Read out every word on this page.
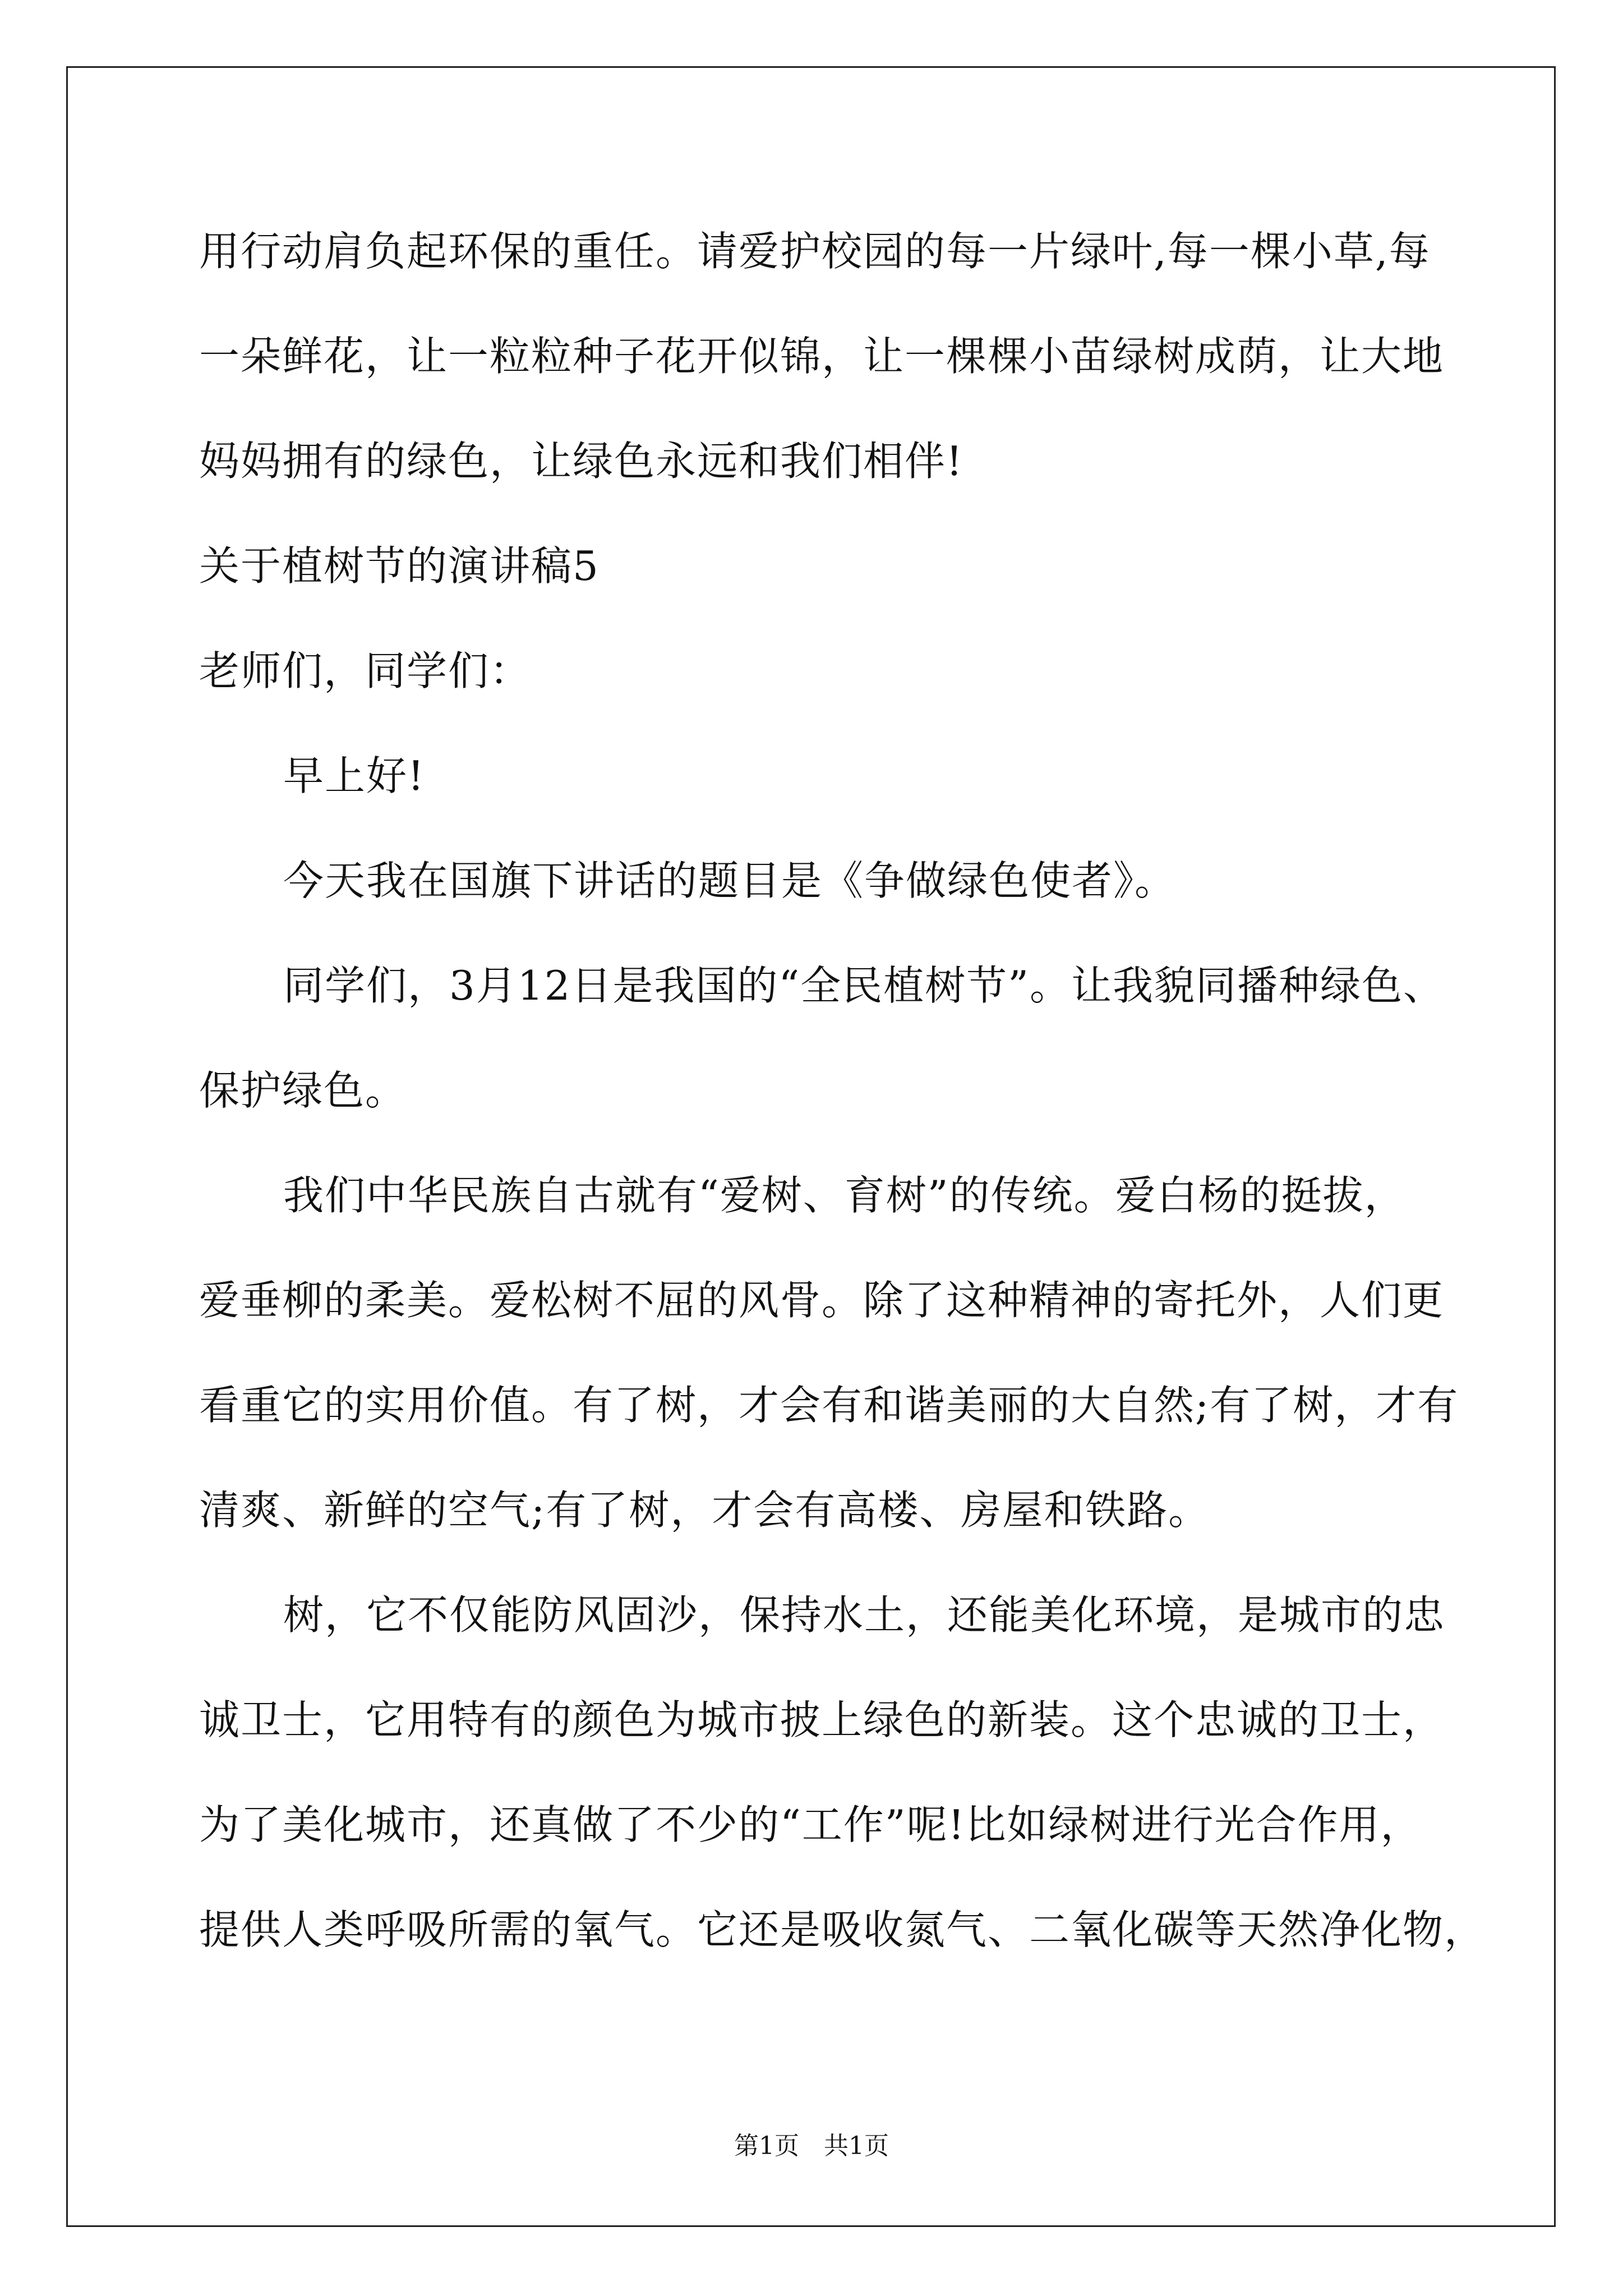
用行动肩负起环保的重任。请爱护校园的每一片绿叶,每一棵小草,每
一朵鲜花，让一粒粒种子花开似锦，让一棵棵小苗绿树成荫，让大地
妈妈拥有的绿色，让绿色永远和我们相伴!
关于植树节的演讲稿5
老师们，同学们：
早上好!
今天我在国旗下讲话的题目是《争做绿色使者》。
同学们，3月12日是我国的“全民植树节”。让我貌同播种绿色、
保护绿色。
我们中华民族自古就有“爱树、育树”的传统。爱白杨的挺拔，
爱垂柳的柔美。爱松树不屈的风骨。除了这种精神的寄托外，人们更
看重它的实用价值。有了树，才会有和谐美丽的大自然;有了树，才有
清爽、新鲜的空气;有了树，才会有高楼、房屋和铁路。
树，它不仅能防风固沙，保持水土，还能美化环境，是城市的忠
诚卫士，它用特有的颜色为城市披上绿色的新装。这个忠诚的卫士，
为了美化城市，还真做了不少的“工作”呢!比如绿树进行光合作用，
提供人类呼吸所需的氧气。它还是吸收氮气、二氧化碳等天然净化物，
第1页　共1页
